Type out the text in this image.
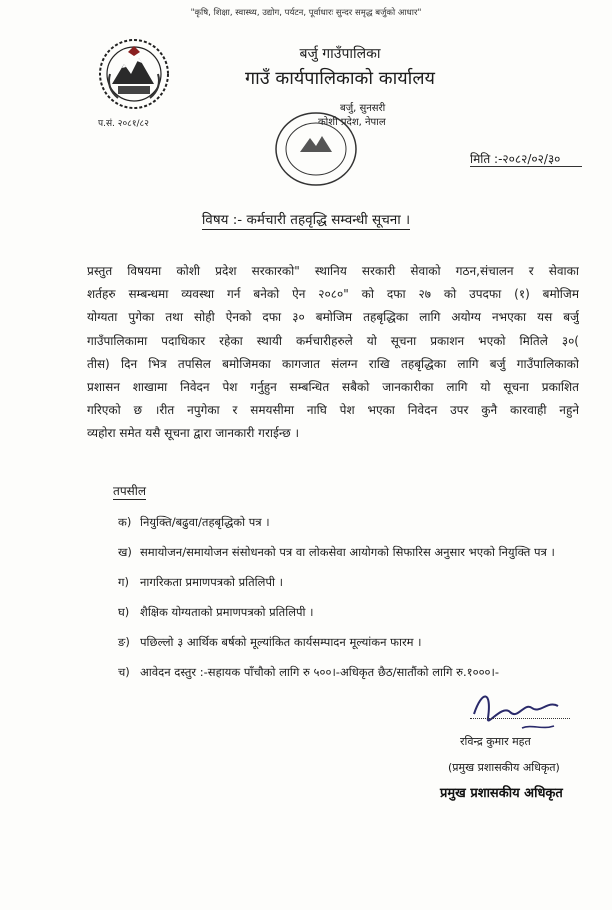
"कृषि, शिक्षा, स्वास्थ्य, उद्योग, पर्यटन, पूर्वाधारः सुन्दर समृद्ध बर्जुको आधार"
प.सं. २०८१/८२
बर्जु गाउँपालिका
गाउँ कार्यपालिकाको कार्यालय
बर्जु, सुनसरी
कोशी प्रदेश, नेपाल
मिति :-२०८२/०२/३०
विषय :- कर्मचारी तहवृद्धि सम्वन्धी सूचना ।
प्रस्तुत विषयमा कोशी प्रदेश सरकारको" स्थानिय सरकारी सेवाको गठन,संचालन र सेवाका
शर्तहरु सम्बन्धमा व्यवस्था गर्न बनेको ऐन २०८०" को दफा २७ को उपदफा (१) बमोजिम
योग्यता पुगेका तथा सोही ऐनको दफा ३० बमोजिम तहबृद्धिका लागि अयोग्य नभएका यस बर्जु
गाउँपालिकामा पदाधिकार रहेका स्थायी कर्मचारीहरुले यो सूचना प्रकाशन भएको मितिले ३०(
तीस) दिन भित्र तपसिल बमोजिमका कागजात संलग्न राखि तहबृद्धिका लागि बर्जु गाउँपालिकाको
प्रशासन शाखामा निवेदन पेश गर्नुहुन सम्बन्धित सबैको जानकारीका लागि यो सूचना प्रकाशित
गरिएको छ ।रीत नपुगेका र समयसीमा नाघि पेश भएका निवेदन उपर कुनै कारवाही नहुने
व्यहोरा समेत यसै सूचना द्वारा जानकारी गराईन्छ ।
तपसील
क) नियुक्ति/बढुवा/तहबृद्धिको पत्र ।
ख) समायोजन/समायोजन संसोधनको पत्र वा लोकसेवा आयोगको सिफारिस अनुसार भएको नियुक्ति पत्र ।
ग) नागरिकता प्रमाणपत्रको प्रतिलिपी ।
घ) शैक्षिक योग्यताको प्रमाणपत्रको प्रतिलिपी ।
ङ) पछिल्लो ३ आर्थिक बर्षको मूल्यांकित कार्यसम्पादन मूल्यांकन फारम ।
च) आवेदन दस्तुर :-सहायक पाँचौको लागि रु ५००।-अधिकृत छैठ/सातौंको लागि रु.१०००।-
रविन्द्र कुमार महत
(प्रमुख प्रशासकीय अधिकृत)
प्रमुख प्रशासकीय अधिकृत
